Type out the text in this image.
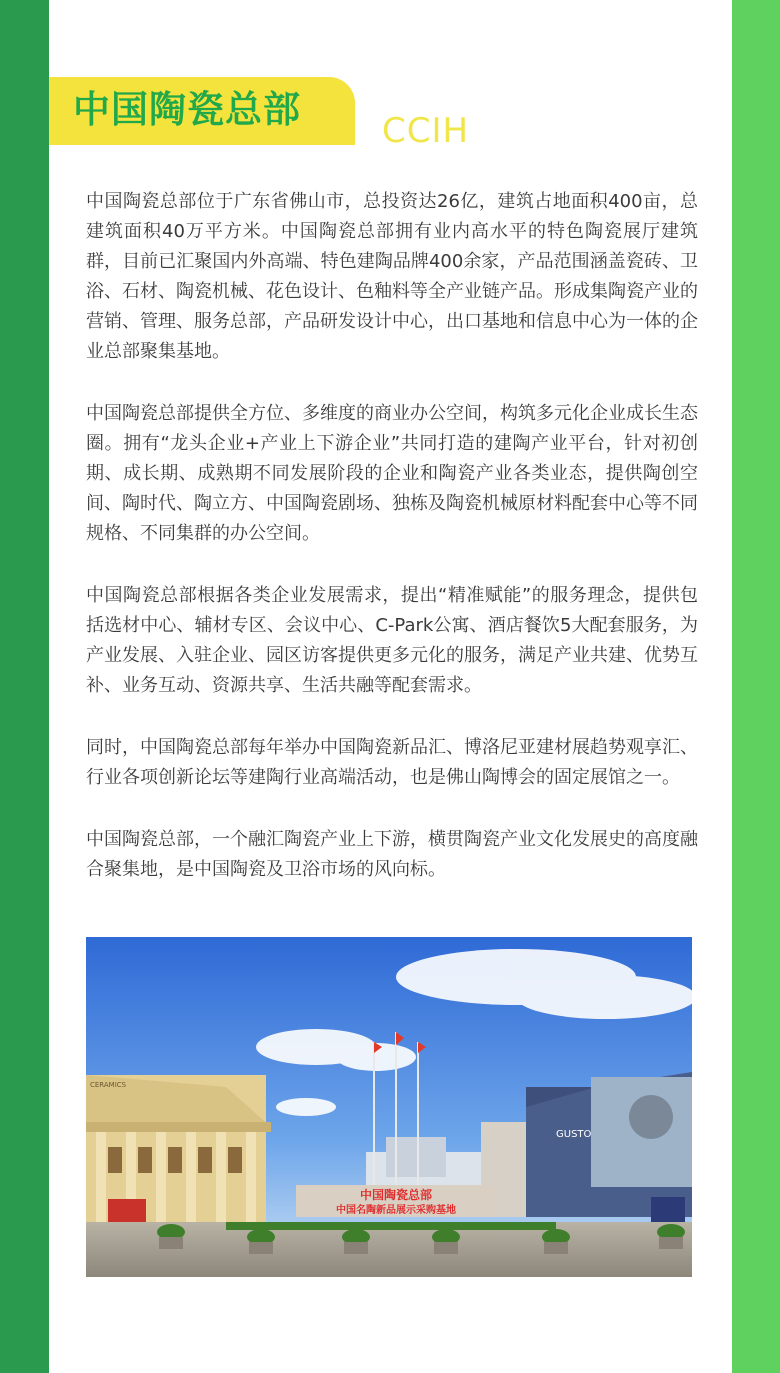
中国陶瓷总部 CCIH

中国陶瓷总部位于广东省佛山市，总投资达26亿，建筑占地面积400亩，总建筑面积40万平方米。中国陶瓷总部拥有业内高水平的特色陶瓷展厅建筑群，目前已汇聚国内外高端、特色建陶品牌400余家，产品范围涵盖瓷砖、卫浴、石材、陶瓷机械、花色设计、色釉料等全产业链产品。形成集陶瓷产业的营销、管理、服务总部，产品研发设计中心，出口基地和信息中心为一体的企业总部聚集基地。

中国陶瓷总部提供全方位、多维度的商业办公空间，构筑多元化企业成长生态圈。拥有“龙头企业+产业上下游企业”共同打造的建陶产业平台，针对初创期、成长期、成熟期不同发展阶段的企业和陶瓷产业各类业态，提供陶创空间、陶时代、陶立方、中国陶瓷剧场、独栋及陶瓷机械原材料配套中心等不同规格、不同集群的办公空间。

中国陶瓷总部根据各类企业发展需求，提出“精准赋能”的服务理念，提供包括选材中心、辅材专区、会议中心、C-Park公寓、酒店餐饮5大配套服务，为产业发展、入驻企业、园区访客提供更多元化的服务，满足产业共建、优势互补、业务互动、资源共享、生活共融等配套需求。

同时，中国陶瓷总部每年举办中国陶瓷新品汇、博洛尼亚建材展趋势观享汇、行业各项创新论坛等建陶行业高端活动，也是佛山陶博会的固定展馆之一。

中国陶瓷总部，一个融汇陶瓷产业上下游，横贯陶瓷产业文化发展史的高度融合聚集地，是中国陶瓷及卫浴市场的风向标。

CERAMICS
GUSTO
中国陶瓷总部
中国名陶新品展示采购基地
